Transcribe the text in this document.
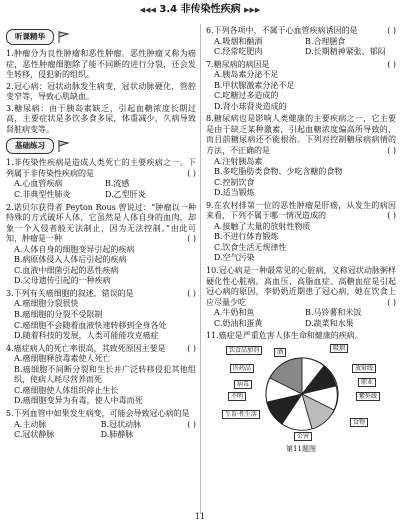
◀◀◀ 3.4 非传染性疾病 ▶▶▶
听课精华

1.肿瘤分为良性肿瘤和恶性肿瘤。恶性肿瘤又称为癌症，恶性肿瘤细胞除了能不同断的进行分裂，还会发生转移，侵犯新的组织。

2.冠心病：冠状动脉发生病变，冠状动脉硬化，管腔变窄等，导致心肌缺血。

3.糖尿病：由于胰岛素缺乏，引起血糖浓度长期过高，主要症状是多饮多食多尿，体重减少，久病导致肾脏病变等。

基础练习
1.非传染性疾病是造成人类死亡的主要疾病之一。下列属于非传染性疾病的是	( )
A.心血管疾病	B.流感
C.非典型性肺炎	D.乙型肝炎
2.诺贝尔获得者 Peyton Rous 曾说过：“肿瘤以一种特殊的方式破坏人体，它虽然是人体自身的血肉，却象一个入侵者般无法制止，因为无法控制。”由此可知，肿瘤是一种	( )
A.人体自身的细胞变异引起的疾病
B.病原体侵入人体后引起的疾病
C.血液中细菌引起的恶性疾病
D.父母遗传引起的一种疾病
3.下列有关癌细胞的叙述，错误的是	( )
A.癌细胞分裂很快
B.癌细胞的分裂不受限制
C.癌细胞不会随着血液快速转移到全身各处
D.随着科技的发展，人类可能能攻克癌症
4.癌症病人的死亡率很高，其致死原因主要是	( )
A.癌细胞释放毒素使人死亡
B.癌细胞不间断分裂和生长并广泛转移侵犯其他组织，使病人耗尽营养而死
C.癌细胞使人体组织停止生长
D.癌细胞变异为有毒，使人中毒而死
5.下列血管中如果发生病变，可能会导致冠心病的是
( )
A.主动脉	B.冠状动脉
C.冠状静脉	D.肺静脉
6.下列各项中，不属于心血管疾病诱因的是	( )
A.吸烟和酗酒	B.合理膳食
C.经常吃肥肉	D.长期精神紧张、郁闷
7.糖尿病的病因是	( )
A.胰岛素分泌不足
B.甲状腺激素分泌不足
C.吃糖过多造成的
D.肾小球肾炎造成的
8.糖尿病也是影响人类健康的主要疾病之一，它主要是由于缺乏某种激素，引起血糖浓度偏高所导致的，而目前糖尿病还不能根治。下列对控制糖尿病病情的方法，不正确的是	( )
A.注射胰岛素
B.多吃脂肪类食物、少吃含糖的食物
C.控制饮食
D.适当锻炼
9.在农村排第一位的恶性肿瘤是肝癌，从发生的病因来看，下列不属于哪一情况造成的	( )
A.接触了大量的放射性物质
B.不进行体育锻炼
C.饮食生活无规律性
D.空气污染
10.冠心病是一种最常见的心脏病，又称冠状动脉粥样硬化性心脏病。高血压、高脂血症、高糖血症是引起冠心病的原因，李奶奶近期患了冠心病，她在饮食上应尽量少吃	( )
A.牛奶和鱼	B.马铃薯和米饭
C.奶油和蛋黄	D.蔬菜和水果
11.癌症是严重危害人体生命和健康的疾病。
吸烟
饮食品加剂
放射线
职业
紫外线
不明
病毒
食物
生育·性生活
公害
酒
医药品
第11题图
11
